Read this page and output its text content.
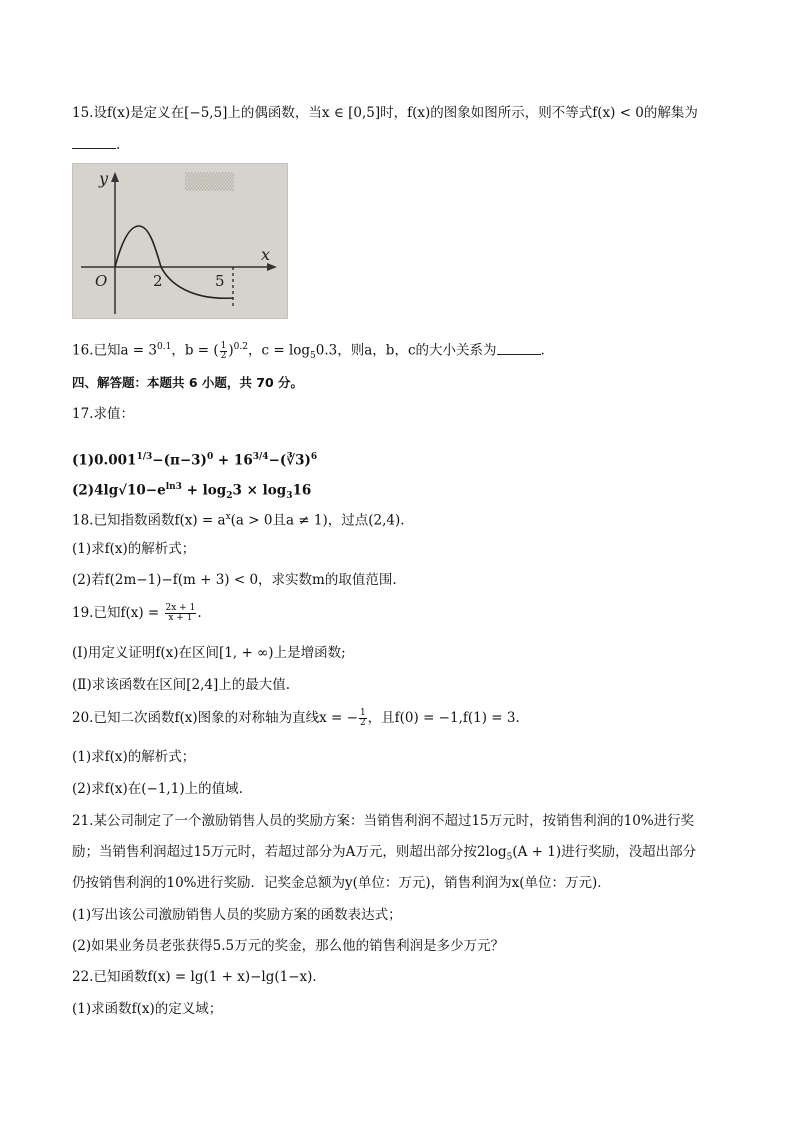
15.设f(x)是定义在[−5,5]上的偶函数，当x ∈ [0,5]时，f(x)的图象如图所示，则不等式f(x) < 0的解集为
.
▒▒▒▒
y
x
O	2	5
16.已知$a = 3^{0.1}$，b = ( $\frac{1}{2} )^{0.2}$，$c = \log_50.3$，则a，b，c的大小关系为	.
四、解答题：本题共 6 小题，共 70 分。
17.求值：
$(1)0.001^{1/3}-(\pi-3)^0$ + $16^{3/4}-(∛3)^6$
$(2)4\lg√10-e^{ln3} + \log_23 \times \log_316$
18.已知指数函数$f(x) = a^x(a > 0$且a ≠ 1)，过点(2,4).
(1)求f(x)的解析式；
(2)若f(2m−1)−f(m + 3) < 0，求实数m的取值范围.
19.已知$f(x) = \frac{2x + 1}{x + 1}$ .
(Ⅰ)用定义证明f(x)在区间[1, + ∞)上是增函数;
(Ⅱ)求该函数在区间[2,4]上的最大值.
20.已知二次函数f(x)图象的对称轴为直线x = − $\frac{1}{2}$ ，且f(0) = −1,f(1) = 3.
(1)求f(x)的解析式；
(2)求f(x)在(−1,1)上的值域.
21.某公司制定了一个激励销售人员的奖励方案：当销售利润不超过15万元时，按销售利润的10%进行奖
励；当销售利润超过15万元时，若超过部分为A万元，则超出部分按$2\log_5(A + 1)$进行奖励，没超出部分
仍按销售利润的10%进行奖励．记奖金总额为y(单位：万元)，销售利润为x(单位：万元)．
(1)写出该公司激励销售人员的奖励方案的函数表达式；
(2)如果业务员老张获得5.5万元的奖金，那么他的销售利润是多少万元？
22.已知函数f(x) = lg(1 + x)−lg(1−x)．
(1)求函数f(x)的定义域；
